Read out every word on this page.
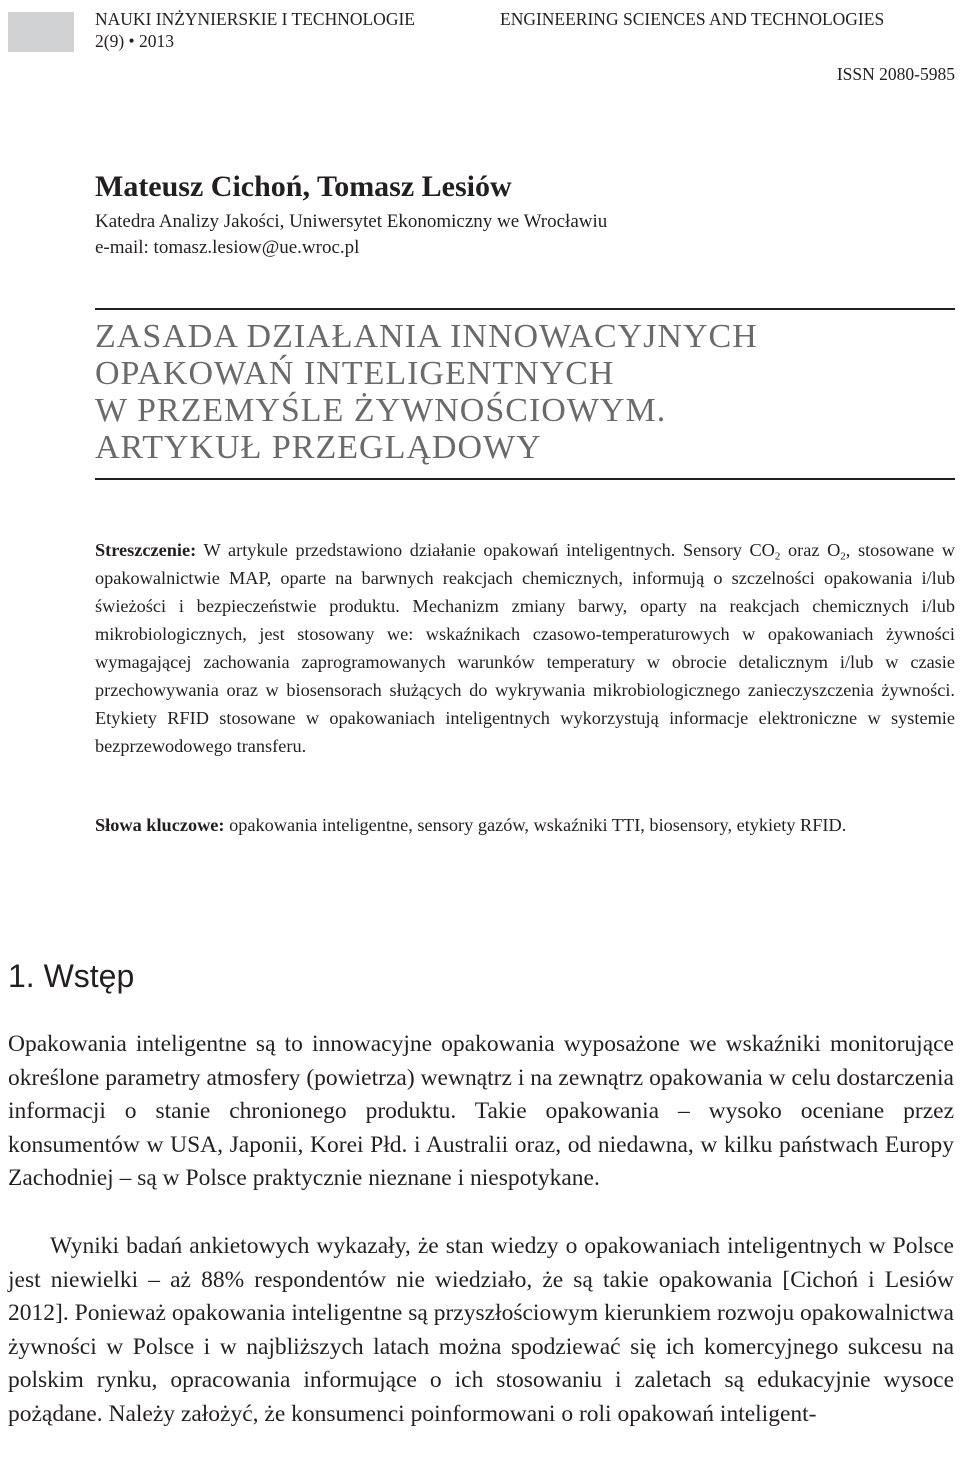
NAUKI INŻYNIERSKIE I TECHNOLOGIE
2(9) • 2013
ENGINEERING SCIENCES AND TECHNOLOGIES
ISSN 2080-5985
Mateusz Cichoń, Tomasz Lesiów
Katedra Analizy Jakości, Uniwersytet Ekonomiczny we Wrocławiu
e-mail: tomasz.lesiow@ue.wroc.pl
ZASADA DZIAŁANIA INNOWACYJNYCH
OPAKOWAŃ INTELIGENTNYCH
W PRZEMYŚLE ŻYWNOŚCIOWYM.
ARTYKUŁ PRZEGLĄDOWY

Streszczenie: W artykule przedstawiono działanie opakowań inteligentnych. Sensory $CO_2$ oraz $O_2$, stosowane w opakowalnictwie MAP, oparte na barwnych reakcjach chemicznych, informują o szczelności opakowania i/lub świeżości i bezpieczeństwie produktu. Mechanizm zmiany barwy, oparty na reakcjach chemicznych i/lub mikrobiologicznych, jest stosowany we: wskaźnikach czasowo-temperaturowych w opakowaniach żywności wymagającej zachowania zaprogramowanych warunków temperatury w obrocie detalicznym i/lub w czasie przechowywania oraz w biosensorach służących do wykrywania mikrobiologicznego zanieczyszczenia żywności. Etykiety RFID stosowane w opakowaniach inteligentnych wykorzystują informacje elektroniczne w systemie bezprzewodowego transferu.

Słowa kluczowe: opakowania inteligentne, sensory gazów, wskaźniki TTI, biosensory, etykiety RFID.

1. Wstęp

Opakowania inteligentne są to innowacyjne opakowania wyposażone we wskaźniki monitorujące określone parametry atmosfery (powietrza) wewnątrz i na zewnątrz opakowania w celu dostarczenia informacji o stanie chronionego produktu. Takie opakowania – wysoko oceniane przez konsumentów w USA, Japonii, Korei Płd. i Australii oraz, od niedawna, w kilku państwach Europy Zachodniej – są w Polsce praktycznie nieznane i niespotykane.

Wyniki badań ankietowych wykazały, że stan wiedzy o opakowaniach inteligentnych w Polsce jest niewielki – aż 88% respondentów nie wiedziało, że są takie opakowania [Cichoń i Lesiów 2012]. Ponieważ opakowania inteligentne są przyszłościowym kierunkiem rozwoju opakowalnictwa żywności w Polsce i w najbliższych latach można spodziewać się ich komercyjnego sukcesu na polskim rynku, opracowania informujące o ich stosowaniu i zaletach są edukacyjnie wysoce pożądane. Należy założyć, że konsumenci poinformowani o roli opakowań inteligent-
